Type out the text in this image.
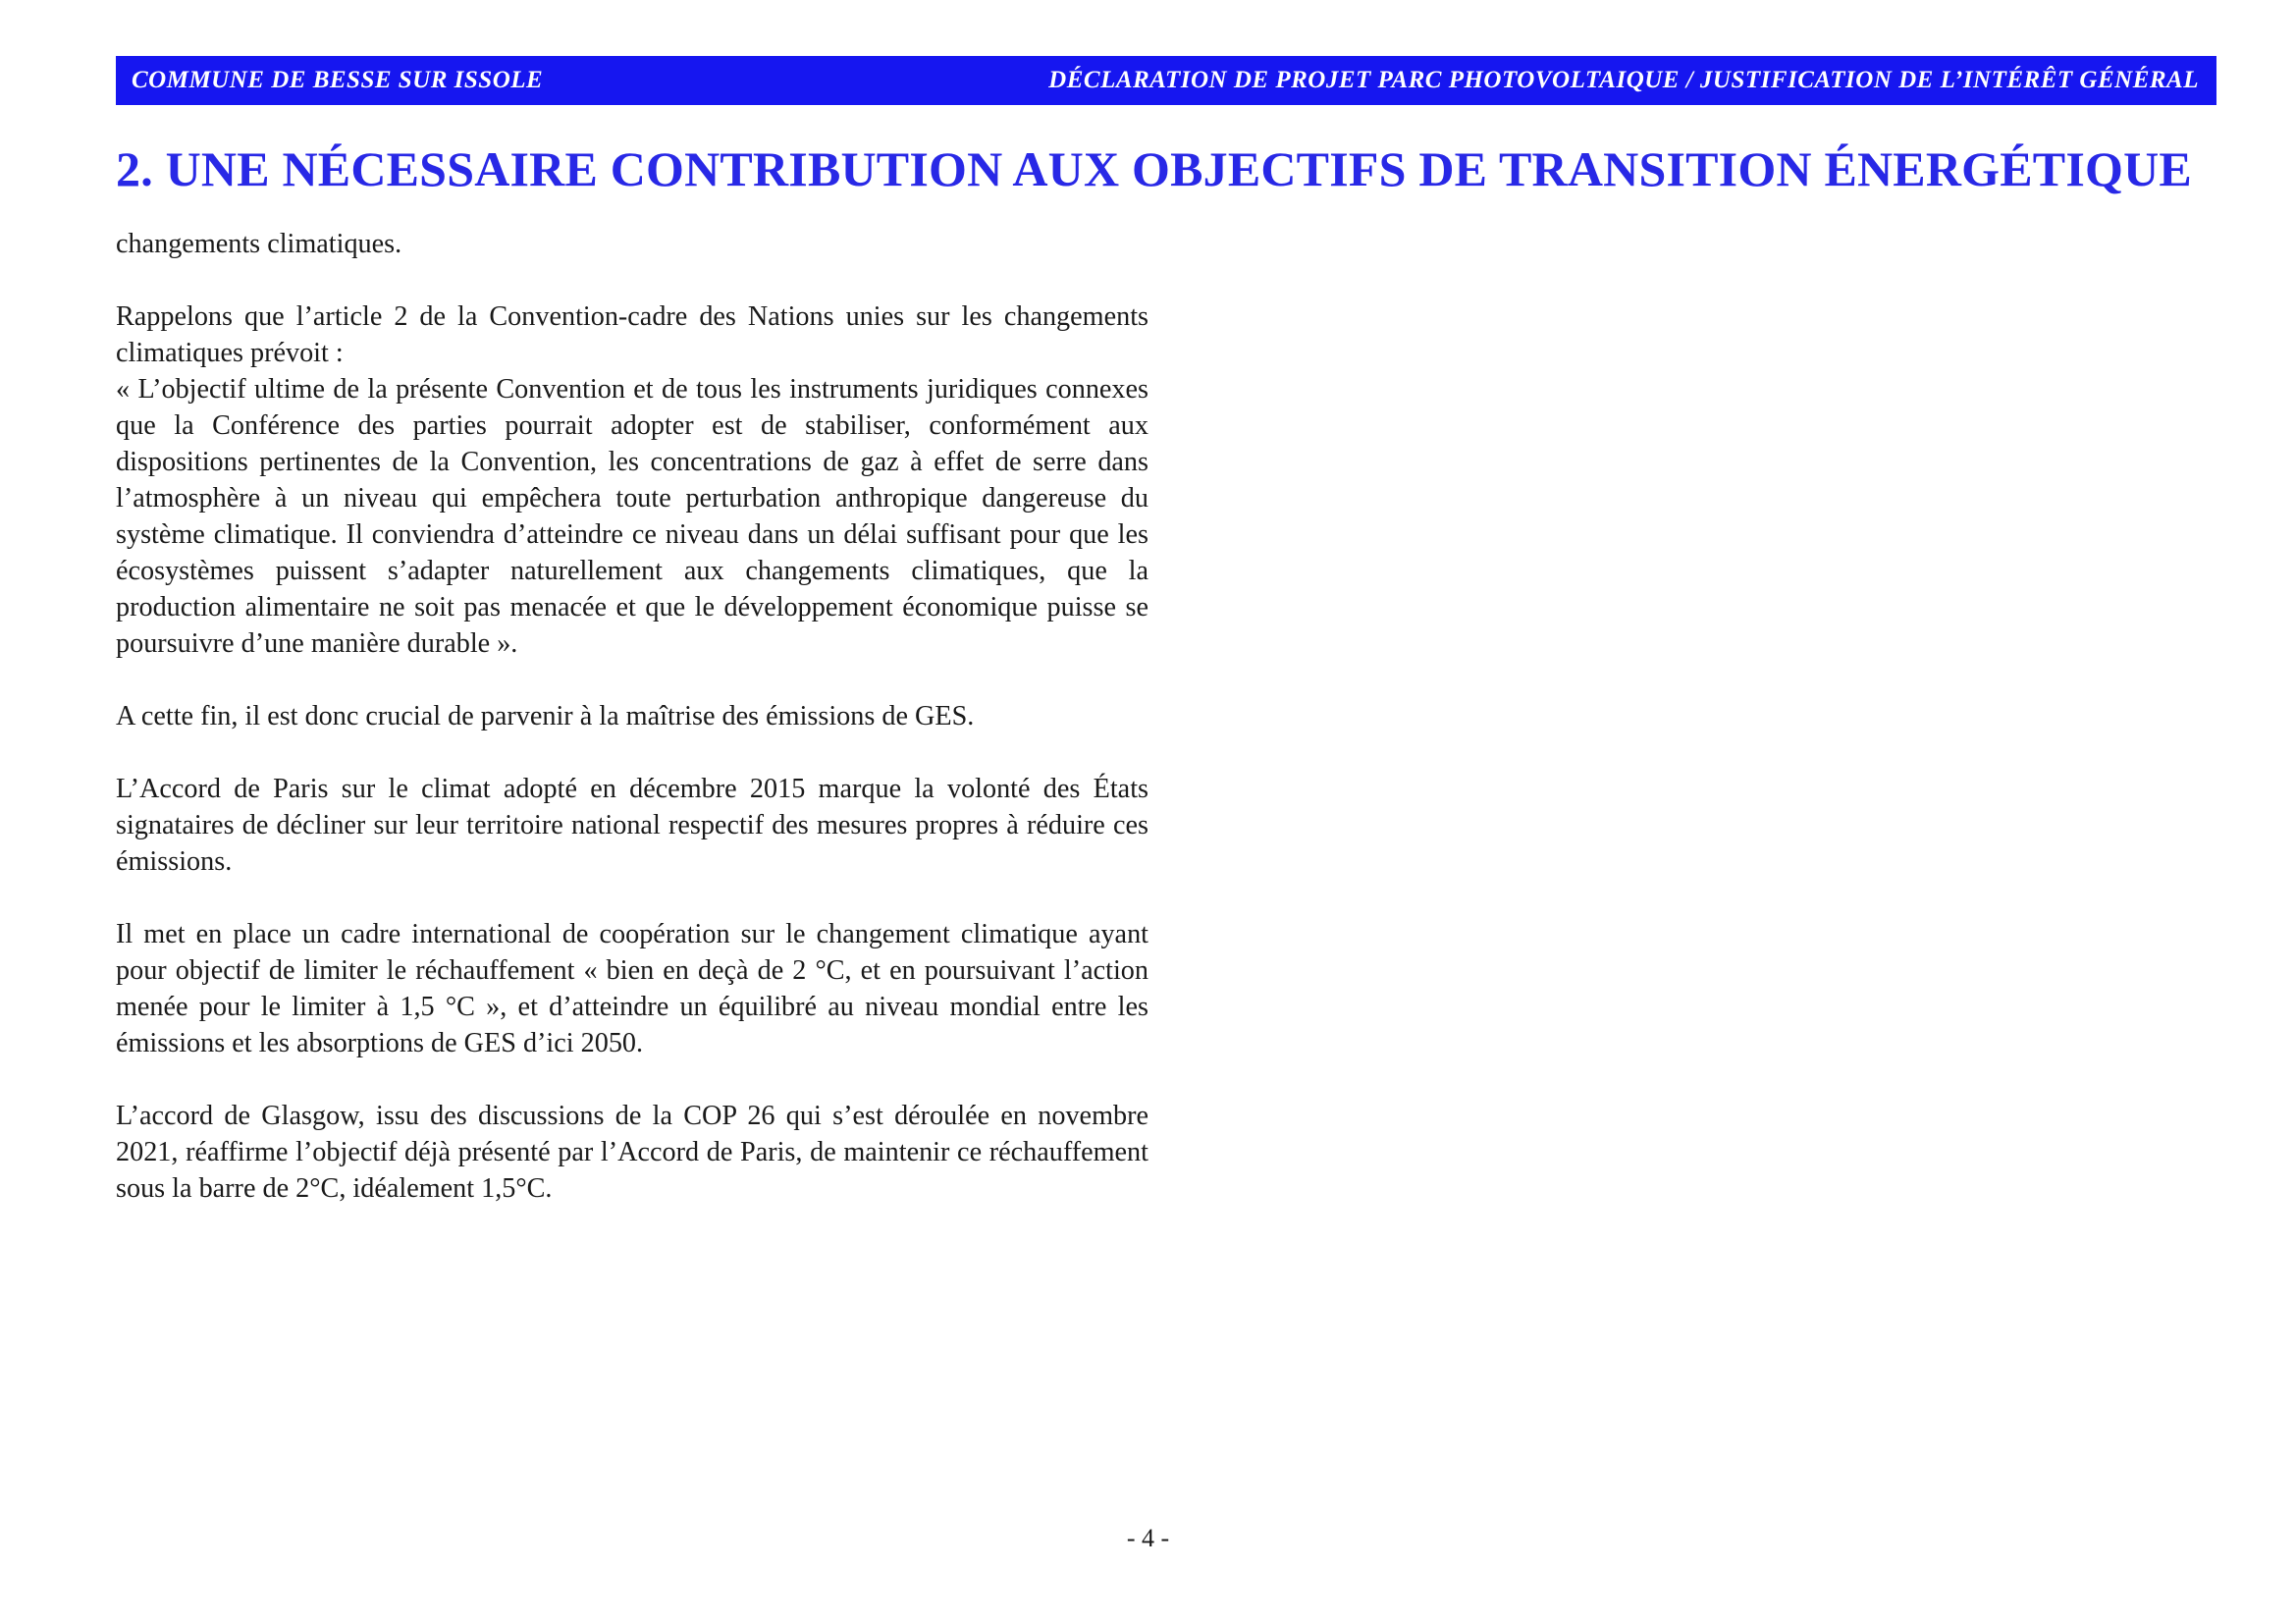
COMMUNE DE BESSE SUR ISSOLE	DÉCLARATION DE PROJET PARC PHOTOVOLTAIQUE / JUSTIFICATION DE L’INTÉRÊT GÉNÉRAL
2. UNE NÉCESSAIRE CONTRIBUTION AUX OBJECTIFS DE TRANSITION ÉNERGÉTIQUE

changements climatiques.

Rappelons que l’article 2 de la Convention-cadre des Nations unies sur les changements climatiques prévoit :

« L’objectif ultime de la présente Convention et de tous les instruments juridiques connexes que la Conférence des parties pourrait adopter est de stabiliser, conformément aux dispositions pertinentes de la Convention, les concentrations de gaz à effet de serre dans l’atmosphère à un niveau qui empêchera toute perturbation anthropique dangereuse du système climatique. Il conviendra d’atteindre ce niveau dans un délai suffisant pour que les écosystèmes puissent s’adapter naturellement aux changements climatiques, que la production alimentaire ne soit pas menacée et que le développement économique puisse se poursuivre d’une manière durable ».

A cette fin, il est donc crucial de parvenir à la maîtrise des émissions de GES.

L’Accord de Paris sur le climat adopté en décembre 2015 marque la volonté des États signataires de décliner sur leur territoire national respectif des mesures propres à réduire ces émissions.

Il met en place un cadre international de coopération sur le changement climatique ayant pour objectif de limiter le réchauffement « bien en deçà de 2 °C, et en poursuivant l’action menée pour le limiter à 1,5 °C », et d’atteindre un équilibré au niveau mondial entre les émissions et les absorptions de GES d’ici 2050.

L’accord de Glasgow, issu des discussions de la COP 26 qui s’est déroulée en novembre 2021, réaffirme l’objectif déjà présenté par l’Accord de Paris, de maintenir ce réchauffement sous la barre de 2°C, idéalement 1,5°C.

- 4 -
